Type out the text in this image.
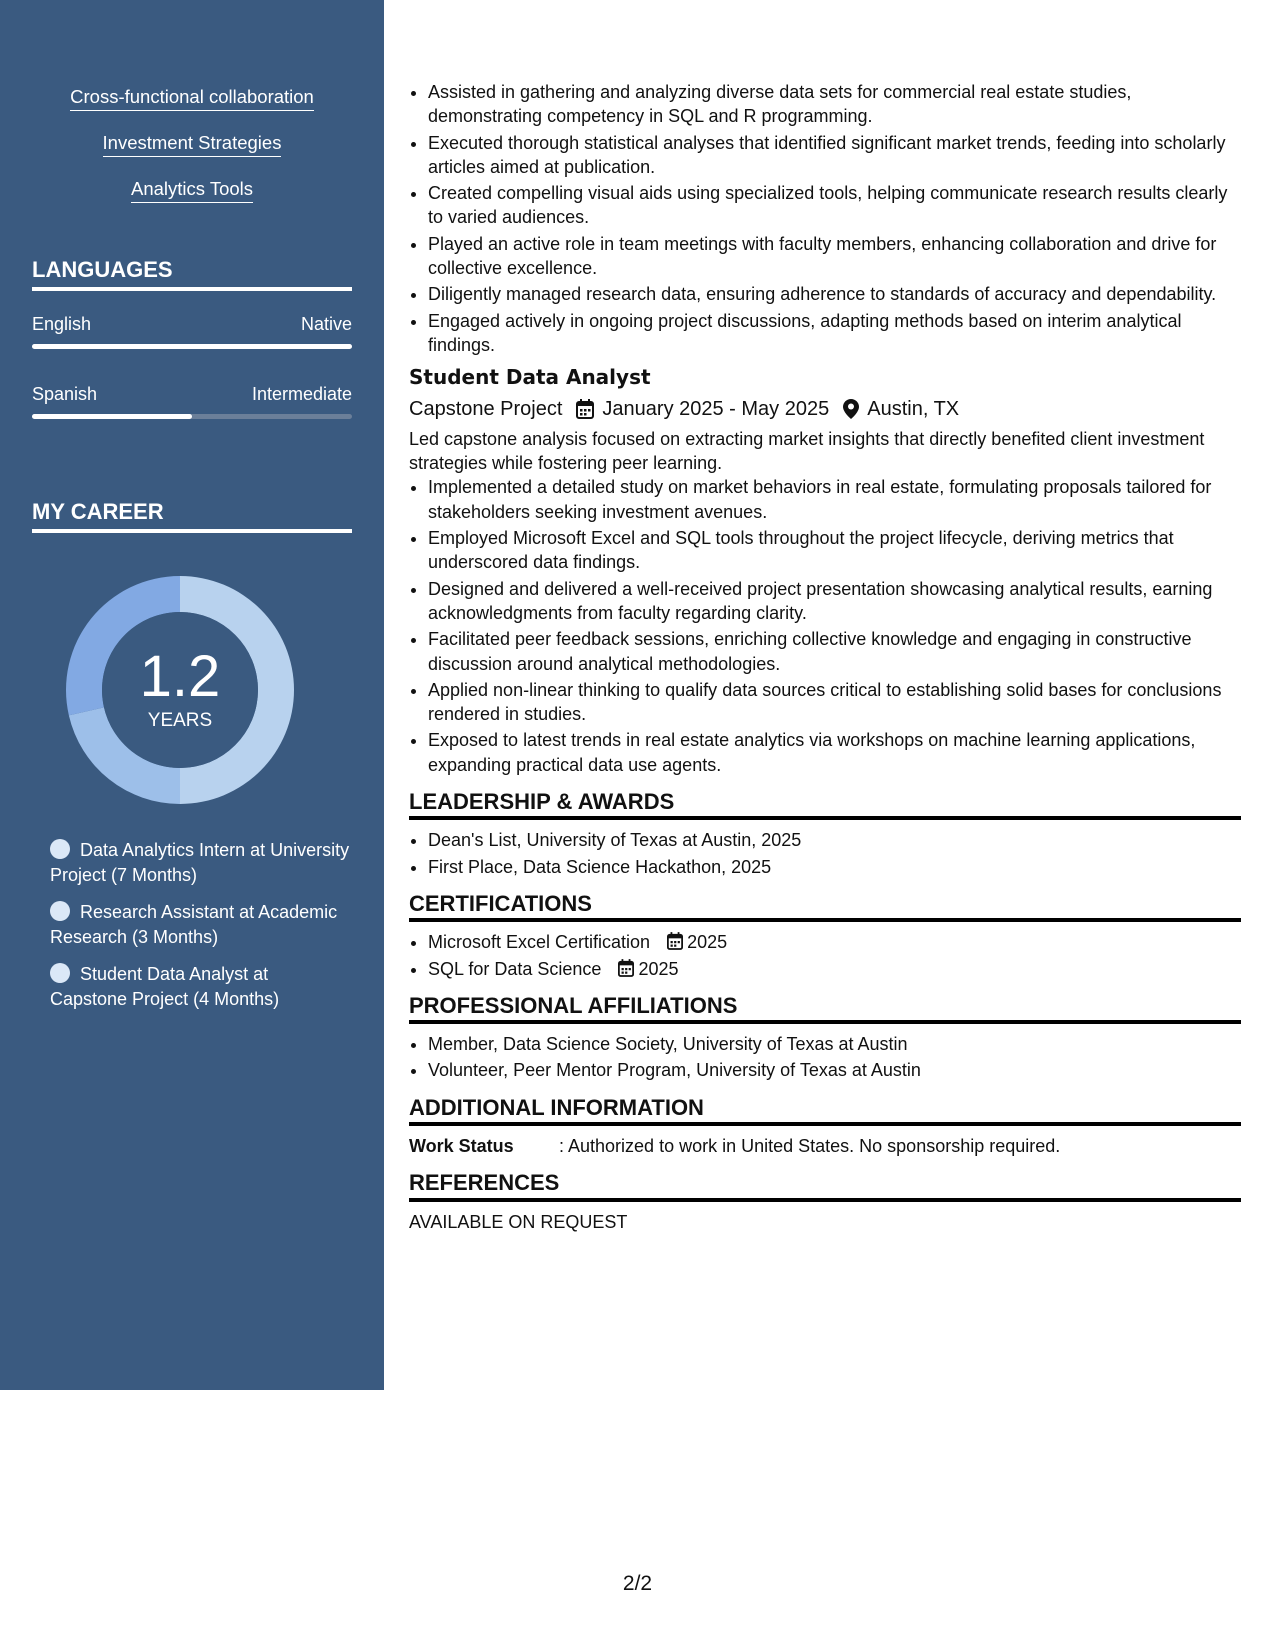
Cross-functional collaboration
Investment Strategies
Analytics Tools
LANGUAGES
English	Native
Spanish	Intermediate
MY CAREER
1.2
YEARS
Data Analytics Intern at University Project (7 Months)
Research Assistant at Academic Research (3 Months)
Student Data Analyst at Capstone Project (4 Months)
• Assisted in gathering and analyzing diverse data sets for commercial real estate studies, demonstrating competency in SQL and R programming.
• Executed thorough statistical analyses that identified significant market trends, feeding into scholarly articles aimed at publication.
• Created compelling visual aids using specialized tools, helping communicate research results clearly to varied audiences.
• Played an active role in team meetings with faculty members, enhancing collaboration and drive for collective excellence.
• Diligently managed research data, ensuring adherence to standards of accuracy and dependability.
• Engaged actively in ongoing project discussions, adapting methods based on interim analytical findings.
Student Data Analyst
Capstone Project January 2025 - May 2025 Austin, TX
Led capstone analysis focused on extracting market insights that directly benefited client investment strategies while fostering peer learning.
• Implemented a detailed study on market behaviors in real estate, formulating proposals tailored for stakeholders seeking investment avenues.
• Employed Microsoft Excel and SQL tools throughout the project lifecycle, deriving metrics that underscored data findings.
• Designed and delivered a well-received project presentation showcasing analytical results, earning acknowledgments from faculty regarding clarity.
• Facilitated peer feedback sessions, enriching collective knowledge and engaging in constructive discussion around analytical methodologies.
• Applied non-linear thinking to qualify data sources critical to establishing solid bases for conclusions rendered in studies.
• Exposed to latest trends in real estate analytics via workshops on machine learning applications, expanding practical data use agents.
LEADERSHIP & AWARDS
• Dean's List, University of Texas at Austin, 2025
• First Place, Data Science Hackathon, 2025
CERTIFICATIONS
• Microsoft Excel Certification 2025
• SQL for Data Science 2025
PROFESSIONAL AFFILIATIONS
• Member, Data Science Society, University of Texas at Austin
• Volunteer, Peer Mentor Program, University of Texas at Austin
ADDITIONAL INFORMATION
Work Status	: Authorized to work in United States. No sponsorship required.
REFERENCES
AVAILABLE ON REQUEST
2/2
